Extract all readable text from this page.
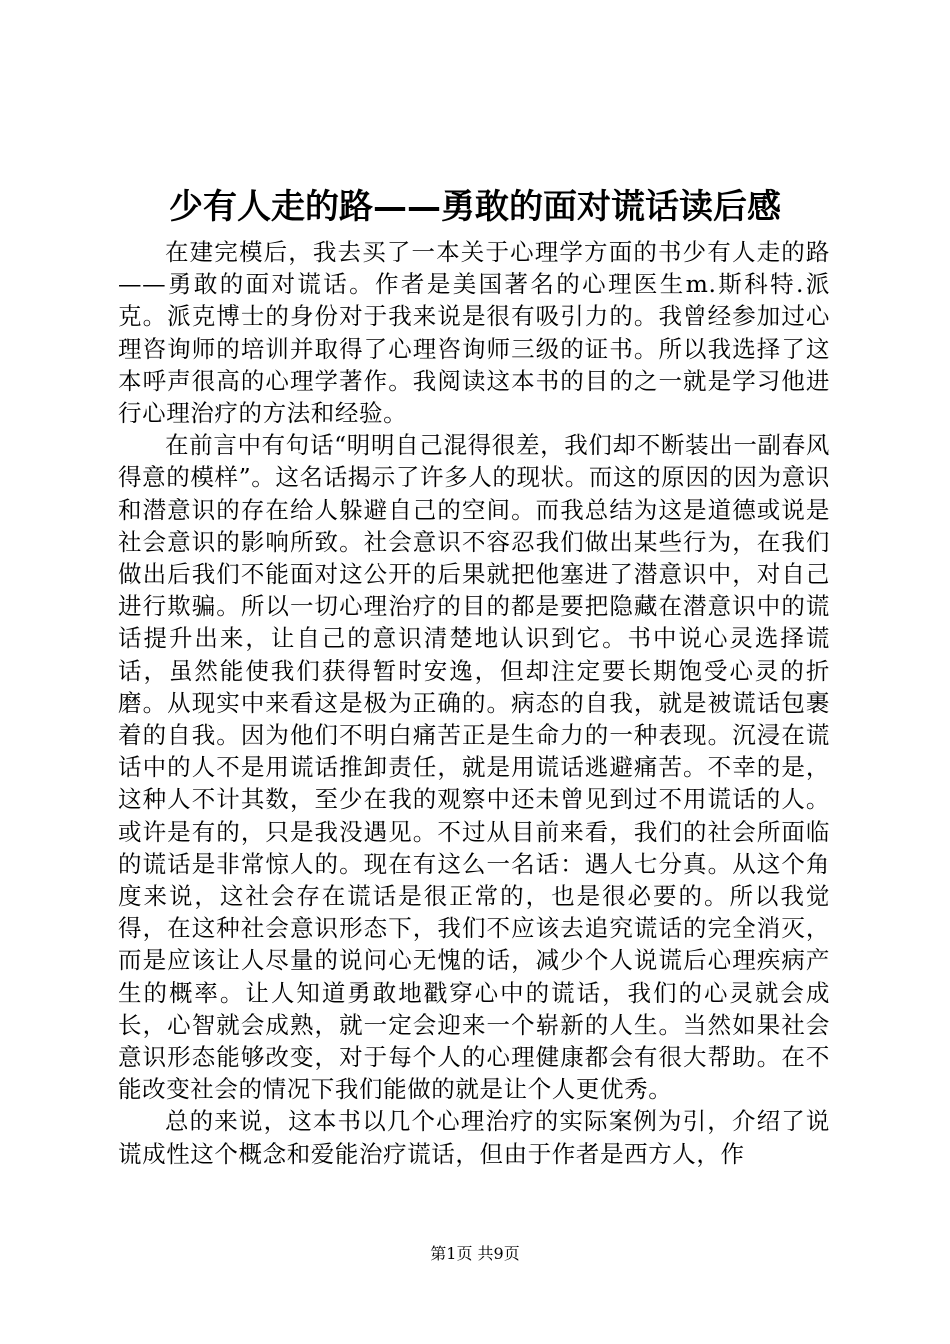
少有人走的路——勇敢的面对谎话读后感

在建完模后，我去买了一本关于心理学方面的书少有人走的路——勇敢的面对谎话。作者是美国著名的心理医生m.斯科特.派克。派克博士的身份对于我来说是很有吸引力的。我曾经参加过心理咨询师的培训并取得了心理咨询师三级的证书。所以我选择了这本呼声很高的心理学著作。我阅读这本书的目的之一就是学习他进行心理治疗的方法和经验。

在前言中有句话“明明自己混得很差，我们却不断装出一副春风得意的模样”。这名话揭示了许多人的现状。而这的原因的因为意识和潜意识的存在给人躲避自己的空间。而我总结为这是道德或说是社会意识的影响所致。社会意识不容忍我们做出某些行为，在我们做出后我们不能面对这公开的后果就把他塞进了潜意识中，对自己进行欺骗。所以一切心理治疗的目的都是要把隐藏在潜意识中的谎话提升出来，让自己的意识清楚地认识到它。书中说心灵选择谎话，虽然能使我们获得暂时安逸，但却注定要长期饱受心灵的折磨。从现实中来看这是极为正确的。病态的自我，就是被谎话包裹着的自我。因为他们不明白痛苦正是生命力的一种表现。沉浸在谎话中的人不是用谎话推卸责任，就是用谎话逃避痛苦。不幸的是，这种人不计其数，至少在我的观察中还未曾见到过不用谎话的人。或许是有的，只是我没遇见。不过从目前来看，我们的社会所面临的谎话是非常惊人的。现在有这么一名话：遇人七分真。从这个角度来说，这社会存在谎话是很正常的，也是很必要的。所以我觉得，在这种社会意识形态下，我们不应该去追究谎话的完全消灭，而是应该让人尽量的说问心无愧的话，减少个人说谎后心理疾病产生的概率。让人知道勇敢地戳穿心中的谎话，我们的心灵就会成长，心智就会成熟，就一定会迎来一个崭新的人生。当然如果社会意识形态能够改变，对于每个人的心理健康都会有很大帮助。在不能改变社会的情况下我们能做的就是让个人更优秀。

总的来说，这本书以几个心理治疗的实际案例为引，介绍了说谎成性这个概念和爱能治疗谎话，但由于作者是西方人，作

第1页 共9页
